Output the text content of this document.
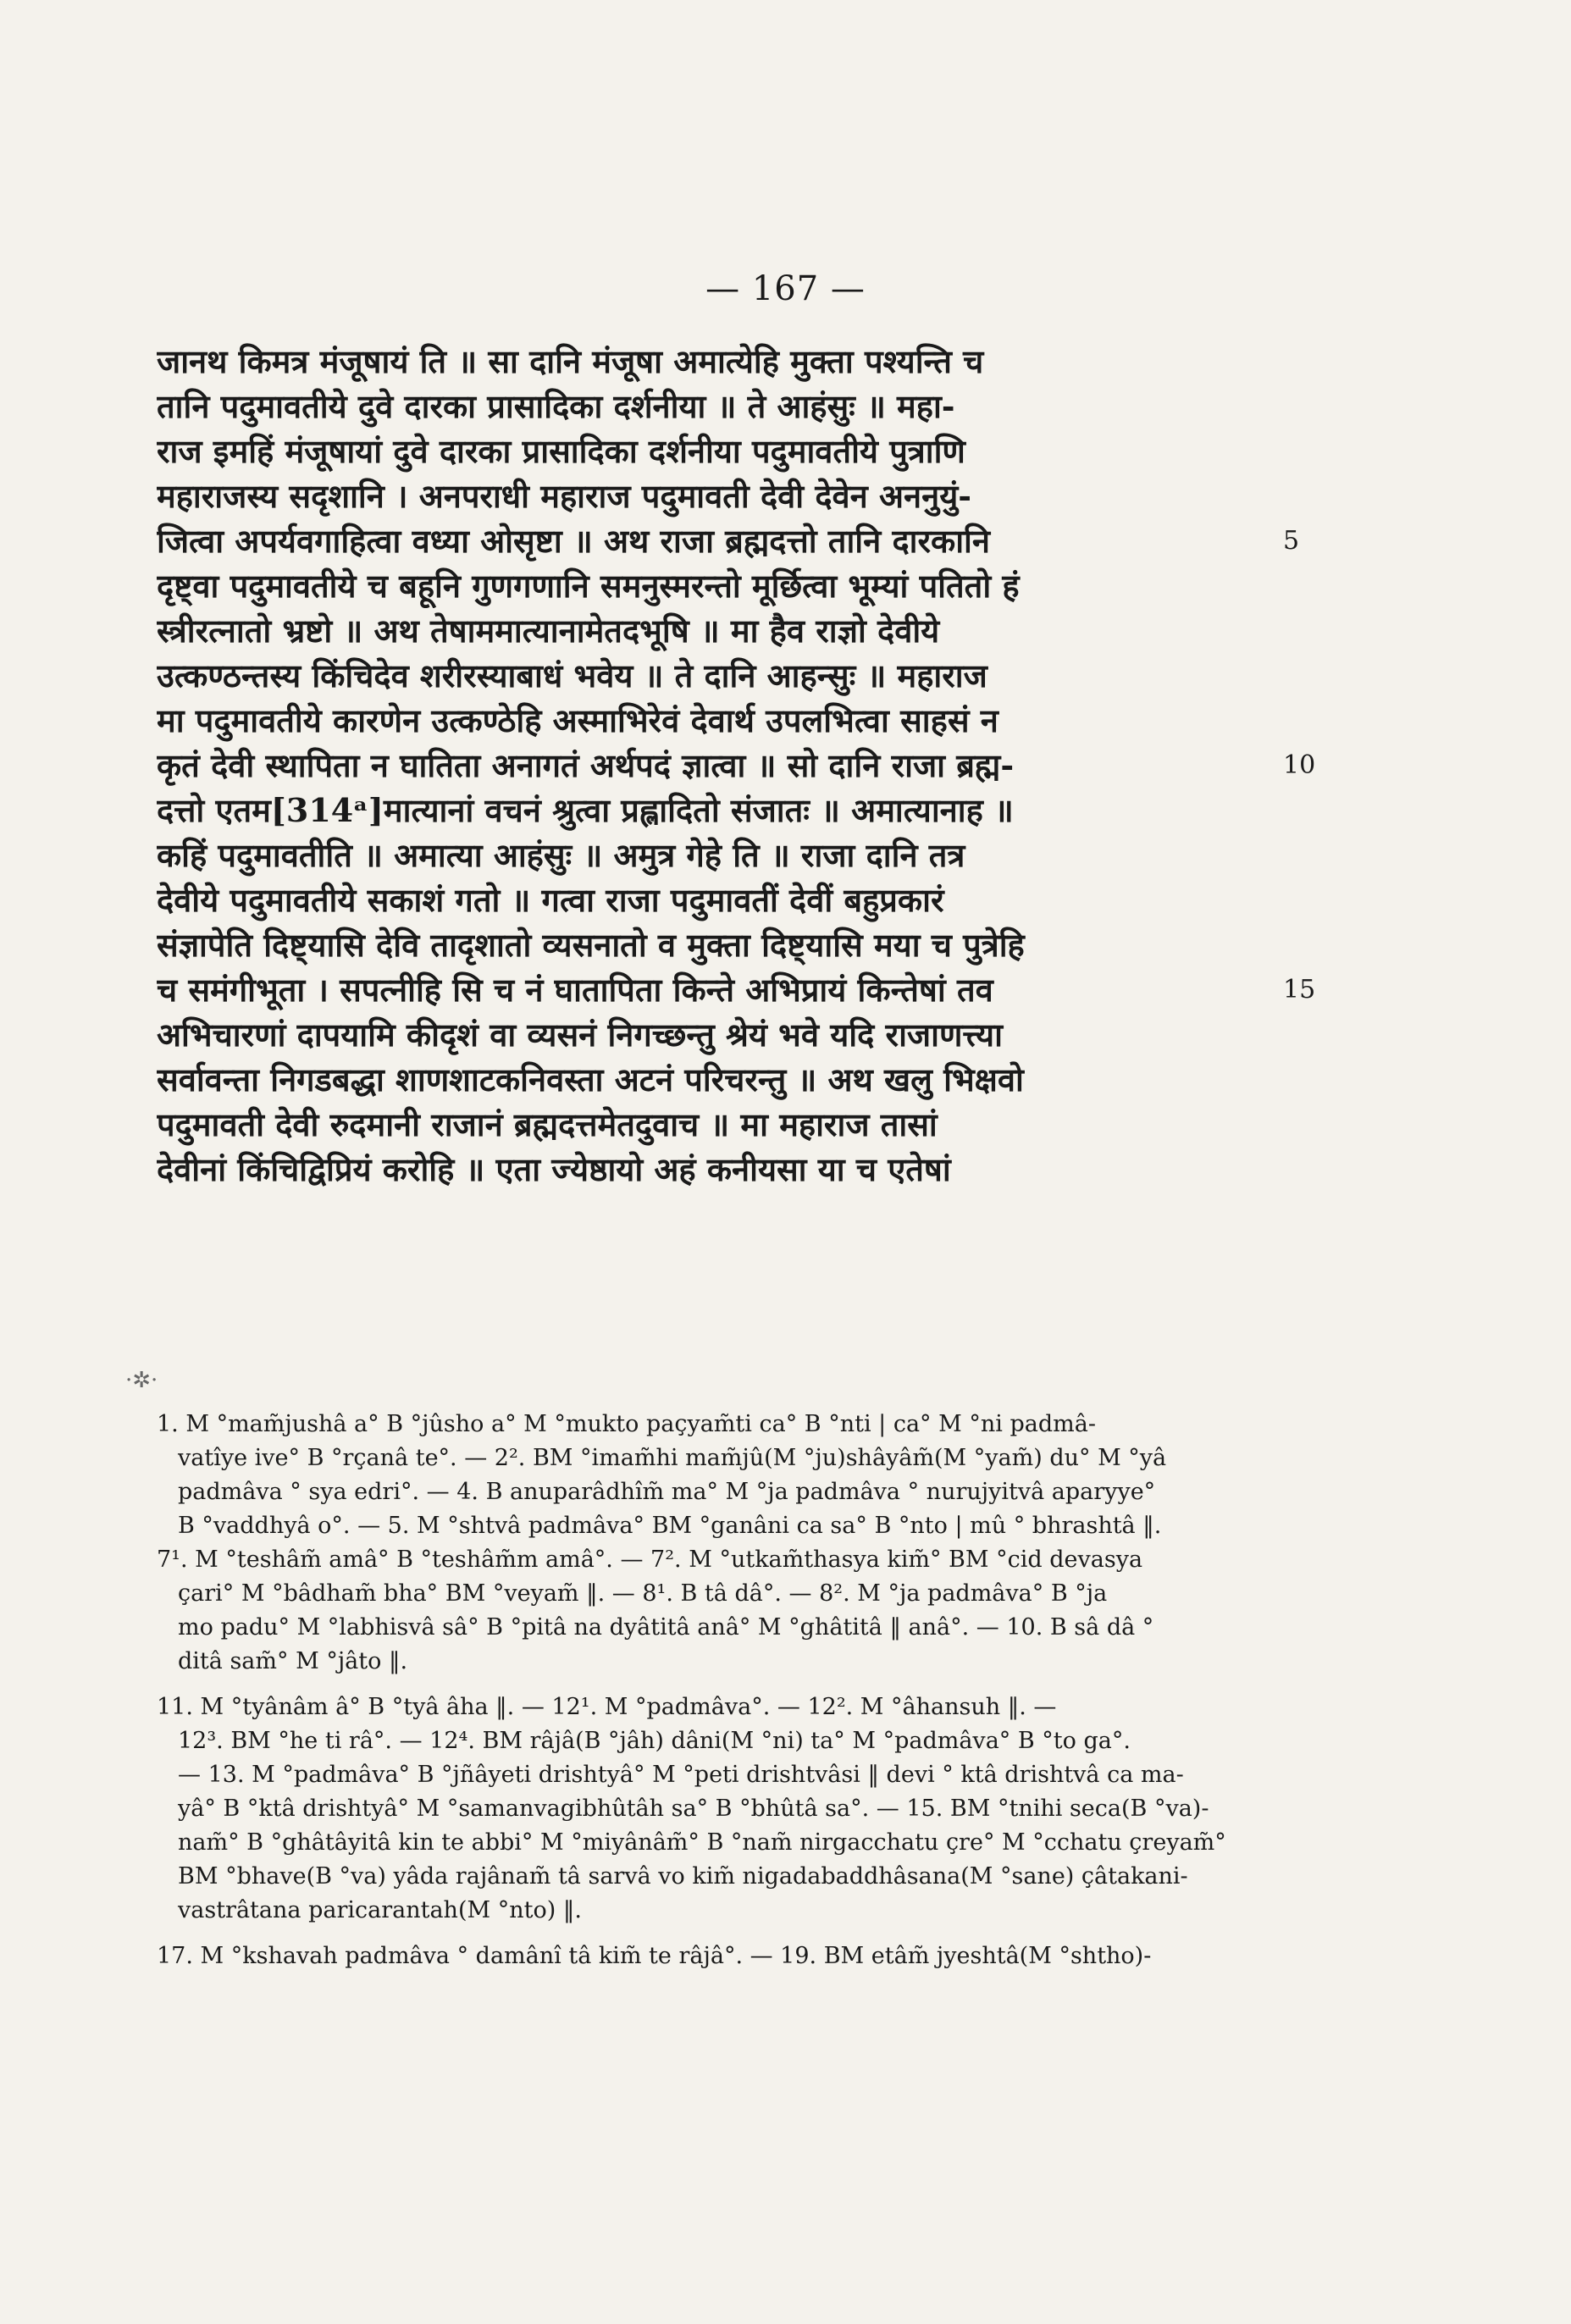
— 167 —
जानथ किमत्र मंजूषायं ति ॥ सा दानि मंजूषा अमात्येहि मुक्ता पश्यन्ति च
तानि पदुमावतीये दुवे दारका प्रासादिका दर्शनीया ॥ ते आहंसुः ॥ महा-
राज इमहिं मंजूषायां दुवे दारका प्रासादिका दर्शनीया पदुमावतीये पुत्राणि
महाराजस्य सदृशानि । अनपराधी महाराज पदुमावती देवी देवेन अननुयुं-
जित्वा अपर्यवगाहित्वा वध्या ओसृष्टा ॥ अथ राजा ब्रह्मदत्तो तानि दारकानि
दृष्ट्वा पदुमावतीये च बहूनि गुणगणानि समनुस्मरन्तो मूर्छित्वा भूम्यां पतितो हं
स्त्रीरत्नातो भ्रष्टो ॥ अथ तेषाममात्यानामेतदभूषि ॥ मा हैव राज्ञो देवीये
उत्कण्ठन्तस्य किंचिदेव शरीरस्याबाधं भवेय ॥ ते दानि आहन्सुः ॥ महाराज
मा पदुमावतीये कारणेन उत्कण्ठेहि अस्माभिरेवं देवार्थ उपलभित्वा साहसं न
कृतं देवी स्थापिता न घातिता अनागतं अर्थपदं ज्ञात्वा ॥ सो दानि राजा ब्रह्म-
दत्तो एतम[314ᵃ]मात्यानां वचनं श्रुत्वा प्रह्लादितो संजातः ॥ अमात्यानाह ॥
कहिं पदुमावतीति ॥ अमात्या आहंसुः ॥ अमुत्र गेहे ति ॥ राजा दानि तत्र
देवीये पदुमावतीये सकाशं गतो ॥ गत्वा राजा पदुमावतीं देवीं बहुप्रकारं
संज्ञापेति दिष्ट्यासि देवि तादृशातो व्यसनातो व मुक्ता दिष्ट्यासि मया च पुत्रेहि
च समंगीभूता । सपत्नीहि सि च नं घातापिता किन्ते अभिप्रायं किन्तेषां तव
अभिचारणां दापयामि कीदृशं वा व्यसनं निगच्छन्तु श्रेयं भवे यदि राजाणत्त्या
सर्वावन्ता निगडबद्धा शाणशाटकनिवस्ता अटनं परिचरन्तु ॥ अथ खलु भिक्षवो
पदुमावती देवी रुदमानी राजानं ब्रह्मदत्तमेतदुवाच ॥ मा महाराज तासां
देवीनां किंचिद्विप्रियं करोहि ॥ एता ज्येष्ठायो अहं कनीयसा या च एतेषां
5
10
15
·✲·
1. M °mam̃jushâ a° B °jûsho a° M °mukto paçyam̃ti ca° B °nti | ca° M °ni padmâ-
vatîye ive° B °rçanâ te°. — 2². BM °imam̃hi mam̃jû(M °ju)shâyâm̃(M °yam̃) du° M °yâ
padmâva ° sya edri°. — 4. B anuparâdhîm̃ ma° M °ja padmâva ° nurujyitvâ aparyye°
B °vaddhyâ o°. — 5. M °shtvâ padmâva° BM °ganâni ca sa° B °nto | mû ° bhrashtâ ‖.
7¹. M °teshâm̃ amâ° B °teshâm̃m amâ°. — 7². M °utkam̃thasya kim̃° BM °cid devasya
çari° M °bâdham̃ bha° BM °veyam̃ ‖. — 8¹. B tâ dâ°. — 8². M °ja padmâva° B °ja
mo padu° M °labhisvâ sâ° B °pitâ na dyâtitâ anâ° M °ghâtitâ ‖ anâ°. — 10. B sâ dâ °
ditâ sam̃° M °jâto ‖.
11. M °tyânâm â° B °tyâ âha ‖. — 12¹. M °padmâva°. — 12². M °âhansuh ‖. —
12³. BM °he ti râ°. — 12⁴. BM râjâ(B °jâh) dâni(M °ni) ta° M °padmâva° B °to ga°.
— 13. M °padmâva° B °jñâyeti drishtyâ° M °peti drishtvâsi ‖ devi ° ktâ drishtvâ ca ma-
yâ° B °ktâ drishtyâ° M °samanvagibhûtâh sa° B °bhûtâ sa°. — 15. BM °tnihi seca(B °va)-
nam̃° B °ghâtâyitâ kin te abbi° M °miyânâm̃° B °nam̃ nirgacchatu çre° M °cchatu çreyam̃°
BM °bhave(B °va) yâda rajânam̃ tâ sarvâ vo kim̃ nigadabaddhâsana(M °sane) çâtakani-
vastrâtana paricarantah(M °nto) ‖.
17. M °kshavah padmâva ° damânî tâ kim̃ te râjâ°. — 19. BM etâm̃ jyeshtâ(M °shtho)-
